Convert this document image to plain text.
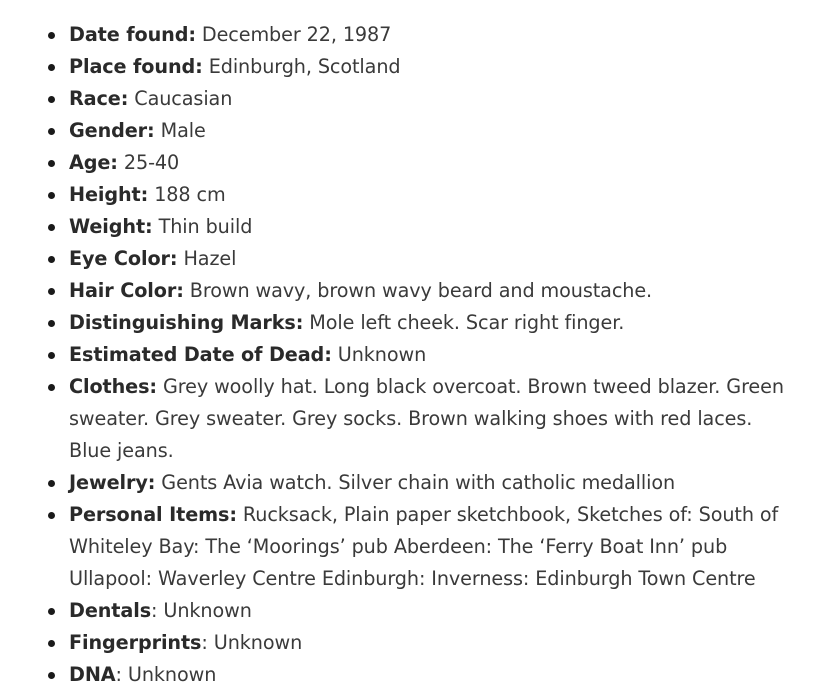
Date found: December 22, 1987
Place found: Edinburgh, Scotland
Race: Caucasian
Gender: Male
Age: 25-40
Height: 188 cm
Weight: Thin build
Eye Color: Hazel
Hair Color: Brown wavy, brown wavy beard and moustache.
Distinguishing Marks: Mole left cheek. Scar right finger.
Estimated Date of Dead: Unknown
Clothes: Grey woolly hat. Long black overcoat. Brown tweed blazer. Green sweater. Grey sweater. Grey socks. Brown walking shoes with red laces. Blue jeans.
Jewelry: Gents Avia watch. Silver chain with catholic medallion
Personal Items: Rucksack, Plain paper sketchbook, Sketches of: South of Whiteley Bay: The ‘Moorings’ pub Aberdeen: The ‘Ferry Boat Inn’ pub Ullapool: Waverley Centre Edinburgh: Inverness: Edinburgh Town Centre
Dentals: Unknown
Fingerprints: Unknown
DNA: Unknown
